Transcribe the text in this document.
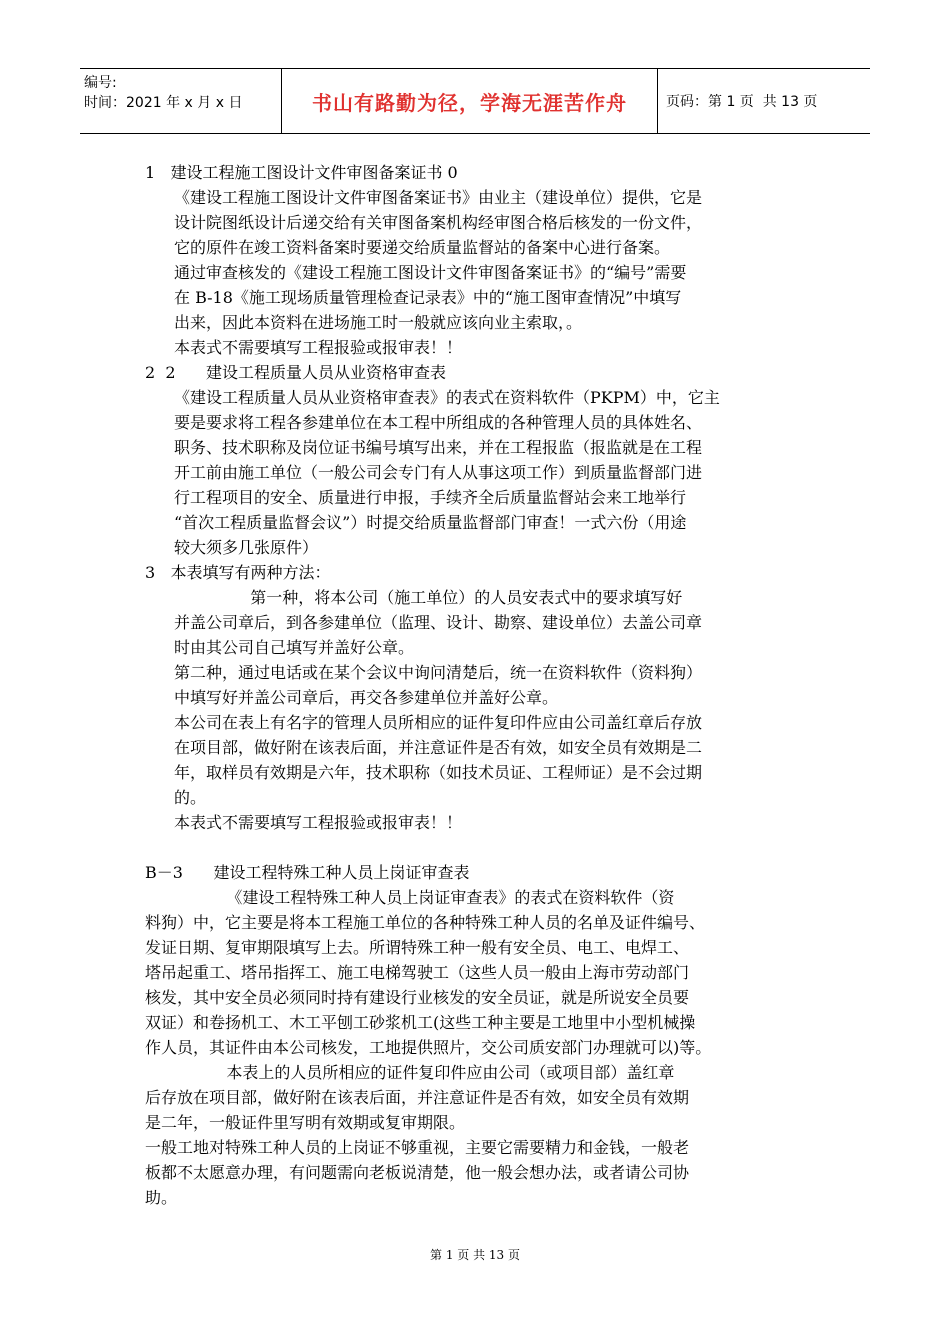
编号:
时间：2021 年 x 月 x 日	书山有路勤为径，学海无涯苦作舟	页码：第 1 页  共 13 页

1   建设工程施工图设计文件审图备案证书 0

《建设工程施工图设计文件审图备案证书》由业主（建设单位）提供，它是

设计院图纸设计后递交给有关审图备案机构经审图合格后核发的一份文件，

它的原件在竣工资料备案时要递交给质量监督站的备案中心进行备案。

通过审查核发的《建设工程施工图设计文件审图备案证书》的“编号”需要

在 B-18《施工现场质量管理检查记录表》中的“施工图审查情况”中填写

出来，因此本资料在进场施工时一般就应该向业主索取，。

本表式不需要填写工程报验或报审表！！

2  2      建设工程质量人员从业资格审查表

《建设工程质量人员从业资格审查表》的表式在资料软件（PKPM）中，它主

要是要求将工程各参建单位在本工程中所组成的各种管理人员的具体姓名、

职务、技术职称及岗位证书编号填写出来，并在工程报监（报监就是在工程

开工前由施工单位（一般公司会专门有人从事这项工作）到质量监督部门进

行工程项目的安全、质量进行申报，手续齐全后质量监督站会来工地举行

“首次工程质量监督会议”）时提交给质量监督部门审查！一式六份（用途

较大须多几张原件）

3   本表填写有两种方法：

第一种，将本公司（施工单位）的人员安表式中的要求填写好

并盖公司章后，到各参建单位（监理、设计、勘察、建设单位）去盖公司章

时由其公司自己填写并盖好公章。

第二种，通过电话或在某个会议中询问清楚后，统一在资料软件（资料狗）

中填写好并盖公司章后，再交各参建单位并盖好公章。

本公司在表上有名字的管理人员所相应的证件复印件应由公司盖红章后存放

在项目部，做好附在该表后面，并注意证件是否有效，如安全员有效期是二

年，取样员有效期是六年，技术职称（如技术员证、工程师证）是不会过期

的。

本表式不需要填写工程报验或报审表！！

B－3      建设工程特殊工种人员上岗证审查表

《建设工程特殊工种人员上岗证审查表》的表式在资料软件（资

料狗）中，它主要是将本工程施工单位的各种特殊工种人员的名单及证件编号、

发证日期、复审期限填写上去。所谓特殊工种一般有安全员、电工、电焊工、

塔吊起重工、塔吊指挥工、施工电梯驾驶工（这些人员一般由上海市劳动部门

核发，其中安全员必须同时持有建设行业核发的安全员证，就是所说安全员要

双证）和卷扬机工、木工平刨工砂浆机工(这些工种主要是工地里中小型机械操

作人员，其证件由本公司核发，工地提供照片，交公司质安部门办理就可以)等。

本表上的人员所相应的证件复印件应由公司（或项目部）盖红章

后存放在项目部，做好附在该表后面，并注意证件是否有效，如安全员有效期

是二年，一般证件里写明有效期或复审期限。

一般工地对特殊工种人员的上岗证不够重视，主要它需要精力和金钱，一般老

板都不太愿意办理，有问题需向老板说清楚，他一般会想办法，或者请公司协

助。

第 1 页 共 13 页
